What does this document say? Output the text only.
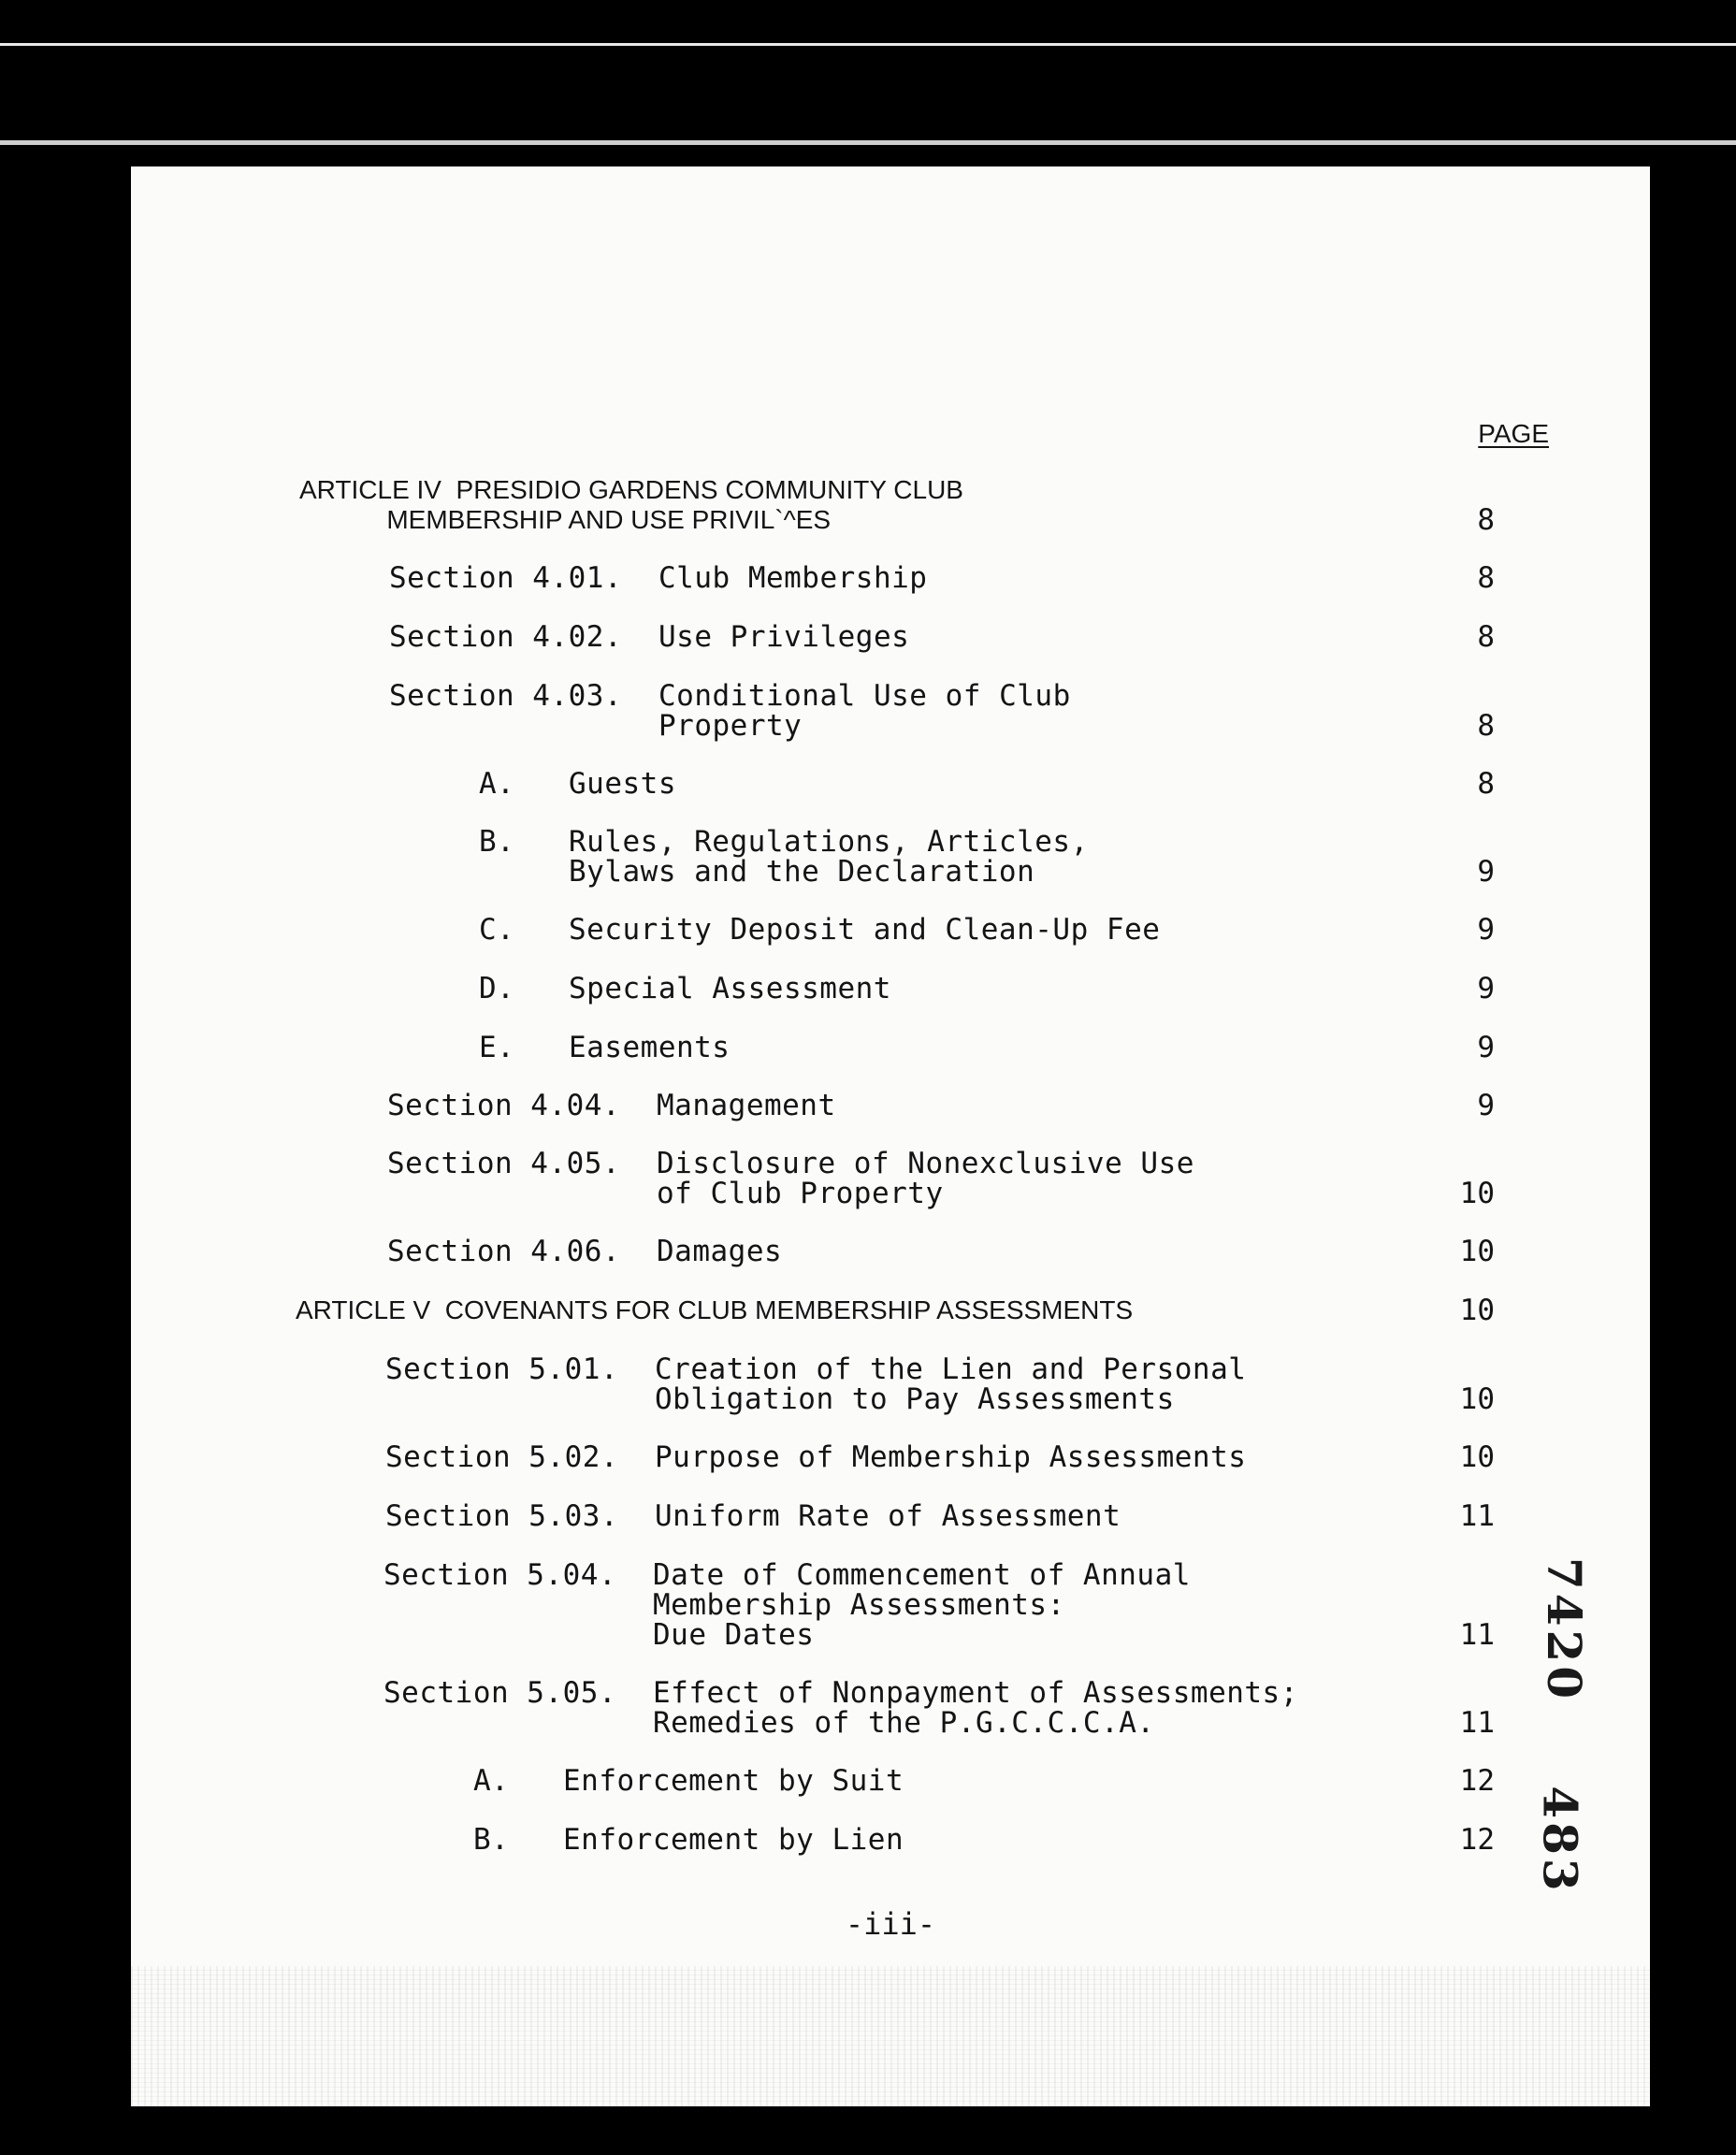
PAGE
ARTICLE IV  PRESIDIO GARDENS COMMUNITY CLUB
MEMBERSHIP AND USE PRIVIL`^ES	8
Section 4.01. Club Membership	8
Section 4.02. Use Privileges	8
Section 4.03. Conditional Use of Club
Property	8
A. Guests	8
B. Rules, Regulations, Articles,
Bylaws and the Declaration	9
C. Security Deposit and Clean-Up Fee	9
D. Special Assessment	9
E. Easements	9
Section 4.04. Management	9
Section 4.05. Disclosure of Nonexclusive Use
of Club Property	10
Section 4.06. Damages	10
ARTICLE V  COVENANTS FOR CLUB MEMBERSHIP ASSESSMENTS	10
Section 5.01. Creation of the Lien and Personal
Obligation to Pay Assessments	10
Section 5.02. Purpose of Membership Assessments	10
Section 5.03. Uniform Rate of Assessment	11
Section 5.04. Date of Commencement of Annual
Membership Assessments:
Due Dates	11
Section 5.05. Effect of Nonpayment of Assessments;
Remedies of the P.G.C.C.C.A.	11
A. Enforcement by Suit	12
B. Enforcement by Lien	12
-iii-
7420
483
